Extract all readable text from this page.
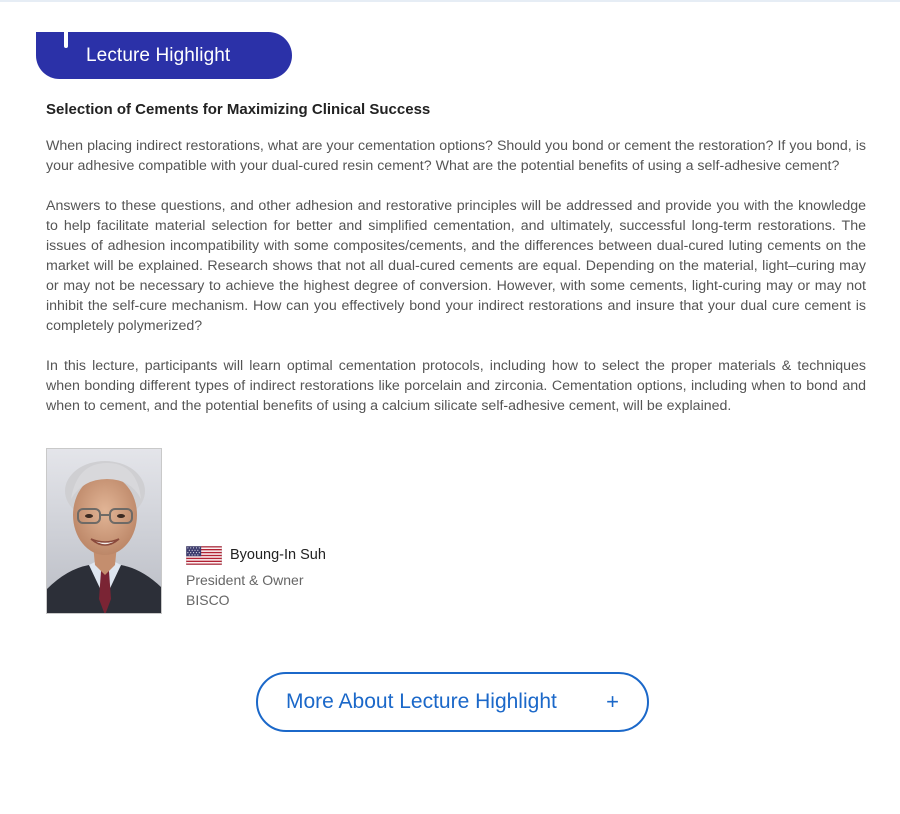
Lecture Highlight
Selection of Cements for Maximizing Clinical Success

When placing indirect restorations, what are your cementation options? Should you bond or cement the restoration? If you bond, is your adhesive compatible with your dual-cured resin cement? What are the potential benefits of using a self-adhesive cement?

Answers to these questions, and other adhesion and restorative principles will be addressed and provide you with the knowledge to help facilitate material selection for better and simplified cementation, and ultimately, successful long-term restorations. The issues of adhesion incompatibility with some composites/cements, and the differences between dual-cured luting cements on the market will be explained. Research shows that not all dual-cured cements are equal. Depending on the material, light–curing may or may not be necessary to achieve the highest degree of conversion. However, with some cements, light-curing may or may not inhibit the self-cure mechanism. How can you effectively bond your indirect restorations and insure that your dual cure cement is completely polymerized?

In this lecture, participants will learn optimal cementation protocols, including how to select the proper materials & techniques when bonding different types of indirect restorations like porcelain and zirconia. Cementation options, including when to bond and when to cement, and the potential benefits of using a calcium silicate self-adhesive cement, will be explained.

Byoung-In Suh
President & Owner
BISCO
More About Lecture Highlight +
